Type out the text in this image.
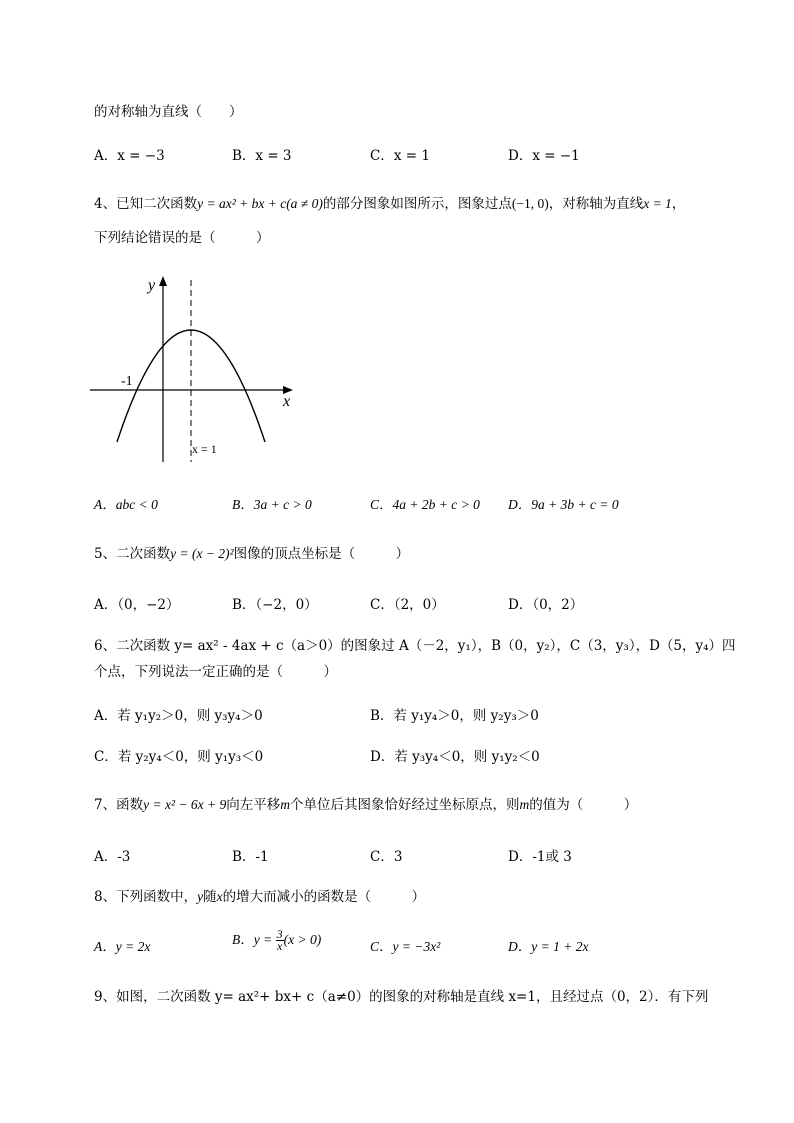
的对称轴为直线（　　）
A．x = −3	B．x = 3	C．x = 1	D．x = −1
4、已知二次函数y = ax² + bx + c(a ≠ 0)的部分图象如图所示，图象过点(−1, 0)，对称轴为直线x = 1，
下列结论错误的是（　　　）
y
x
-1
x = 1
A．abc < 0	B．3a + c > 0	C．4a + 2b + c > 0 D．9a + 3b + c = 0
5、二次函数y = (x − 2)²图像的顶点坐标是（　　　）
A．（0，−2）	B．（−2，0）	C．（2，0）	D．（0，2）
6、二次函数 y= ax² - 4ax + c（a＞0）的图象过 A（－2，y₁），B（0，y₂），C（3，y₃），D（5，y₄）四
个点，下列说法一定正确的是（　　　）
A．若 y₁y₂＞0，则 y₃y₄＞0	B．若 y₁y₄＞0，则 y₂y₃＞0
C．若 y₂y₄＜0，则 y₁y₃＜0	D．若 y₃y₄＜0，则 y₁y₂＜0
7、函数y = x² − 6x + 9向左平移m个单位后其图象恰好经过坐标原点，则m的值为（　　　）
A．-3	B．-1	C．3	D．-1或 3
8、下列函数中，y随x的增大而减小的函数是（　　　）
A．y = 2x	B．$y = \frac{3}{x} (x > 0)$	C．y = −3x²	D．y = 1 + 2x
9、如图，二次函数 y= ax²+ bx+ c（a≠0）的图象的对称轴是直线 x=1，且经过点（0，2）．有下列
